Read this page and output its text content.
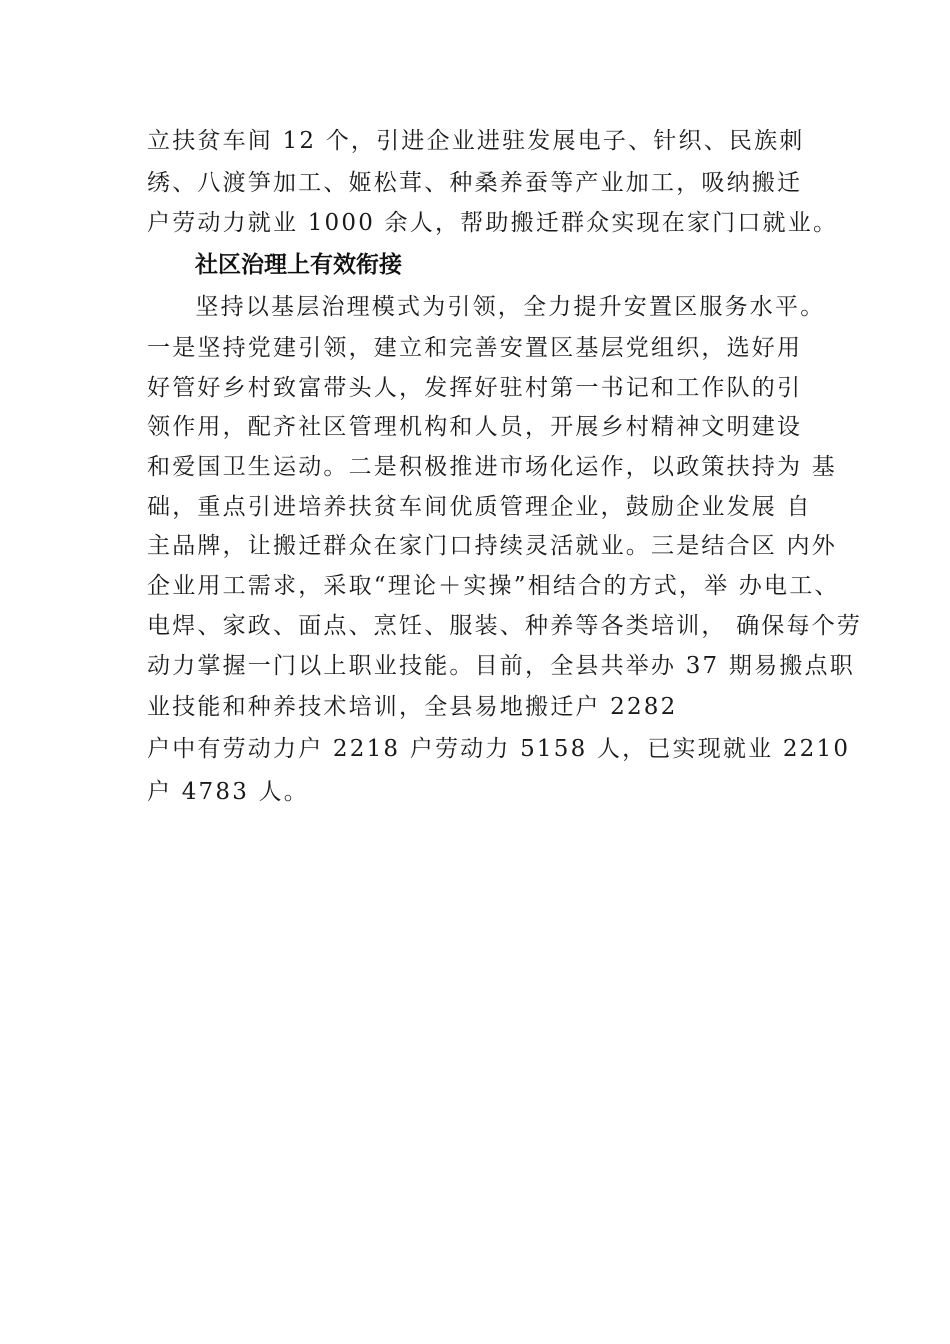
立扶贫车间 12 个，引进企业进驻发展电子、针织、民族刺
绣、八渡笋加工、姬松茸、种桑养蚕等产业加工，吸纳搬迁
户劳动力就业 1000 余人，帮助搬迁群众实现在家门口就业。
社区治理上有效衔接
　　坚持以基层治理模式为引领，全力提升安置区服务水平。
一是坚持党建引领，建立和完善安置区基层党组织，选好用
好管好乡村致富带头人，发挥好驻村第一书记和工作队的引
领作用，配齐社区管理机构和人员，开展乡村精神文明建设
和爱国卫生运动。二是积极推进市场化运作，以政策扶持为 基
础，重点引进培养扶贫车间优质管理企业，鼓励企业发展 自
主品牌，让搬迁群众在家门口持续灵活就业。三是结合区 内外
企业用工需求，采取“理论＋实操”相结合的方式，举 办电工、
电焊、家政、面点、烹饪、服装、种养等各类培训， 确保每个劳
动力掌握一门以上职业技能。目前，全县共举办 37 期易搬点职
业技能和种养技术培训，全县易地搬迁户 2282
户中有劳动力户 2218 户劳动力 5158 人，已实现就业 2210
户 4783 人。
